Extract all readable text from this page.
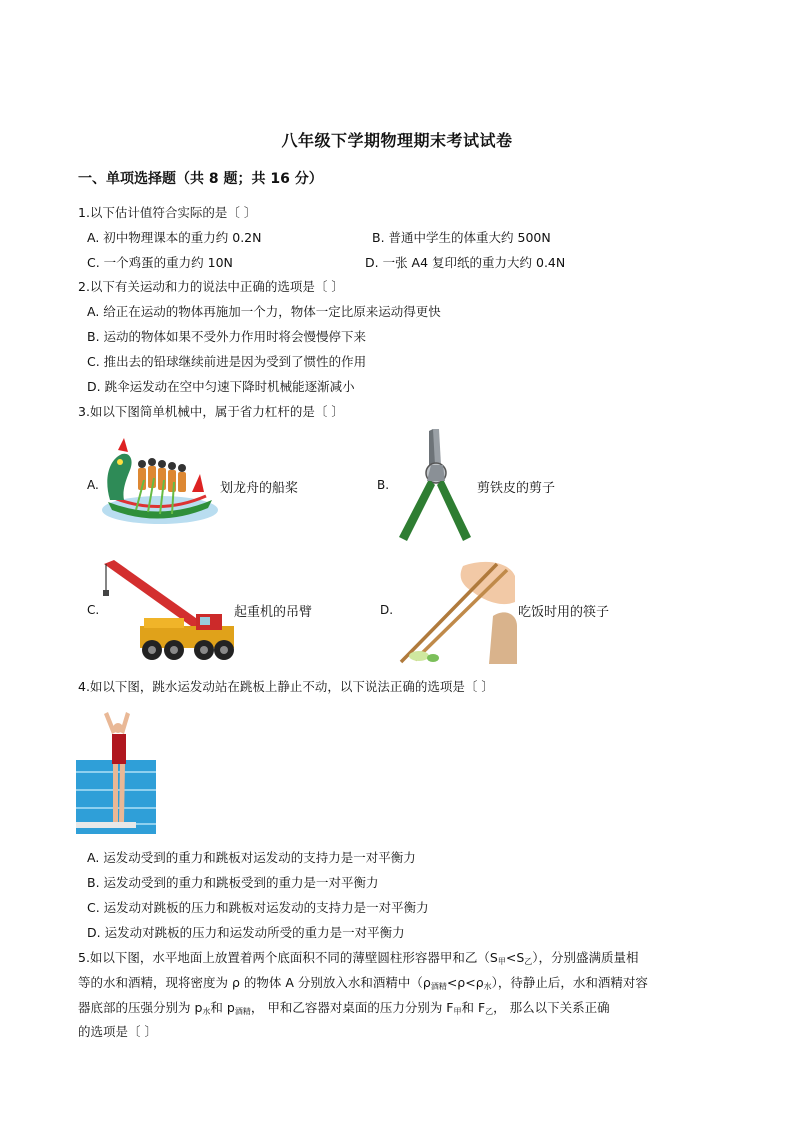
八年级下学期物理期末考试试卷
一、单项选择题（共 8 题；共 16 分）
1.以下估计值符合实际的是〔 〕
A. 初中物理课本的重力约 0.2N	B. 普通中学生的体重大约 500N
C. 一个鸡蛋的重力约 10N	D. 一张 A4 复印纸的重力大约 0.4N
2.以下有关运动和力的说法中正确的选项是〔 〕
A. 给正在运动的物体再施加一个力，物体一定比原来运动得更快
B. 运动的物体如果不受外力作用时将会慢慢停下来
C. 推出去的铅球继续前进是因为受到了惯性的作用
D. 跳伞运发动在空中匀速下降时机械能逐渐减小
3.如以下图简单机械中，属于省力杠杆的是〔 〕
A.	划龙舟的船桨	B.	剪铁皮的剪子
C.	起重机的吊臂	D.	吃饭时用的筷子
4.如以下图，跳水运发动站在跳板上静止不动，以下说法正确的选项是〔 〕
A. 运发动受到的重力和跳板对运发动的支持力是一对平衡力
B. 运发动受到的重力和跳板受到的重力是一对平衡力
C. 运发动对跳板的压力和跳板对运发动的支持力是一对平衡力
D. 运发动对跳板的压力和运发动所受的重力是一对平衡力
5.如以下图，水平地面上放置着两个底面积不同的薄壁圆柱形容器甲和乙$(S_甲<S_乙)$，分别盛满质量相
等的水和酒精，现将密度为 ρ 的物体 A 分别放入水和酒精中$(\rho_{酒精}<\rho<\rho_水)$，待静止后，水和酒精对容
器底部的压强分别为 $p_水$和 $p_{酒精}$， 甲和乙容器对桌面的压力分别为 $F_甲$和 $F_乙$， 那么以下关系正确
的选项是〔 〕
